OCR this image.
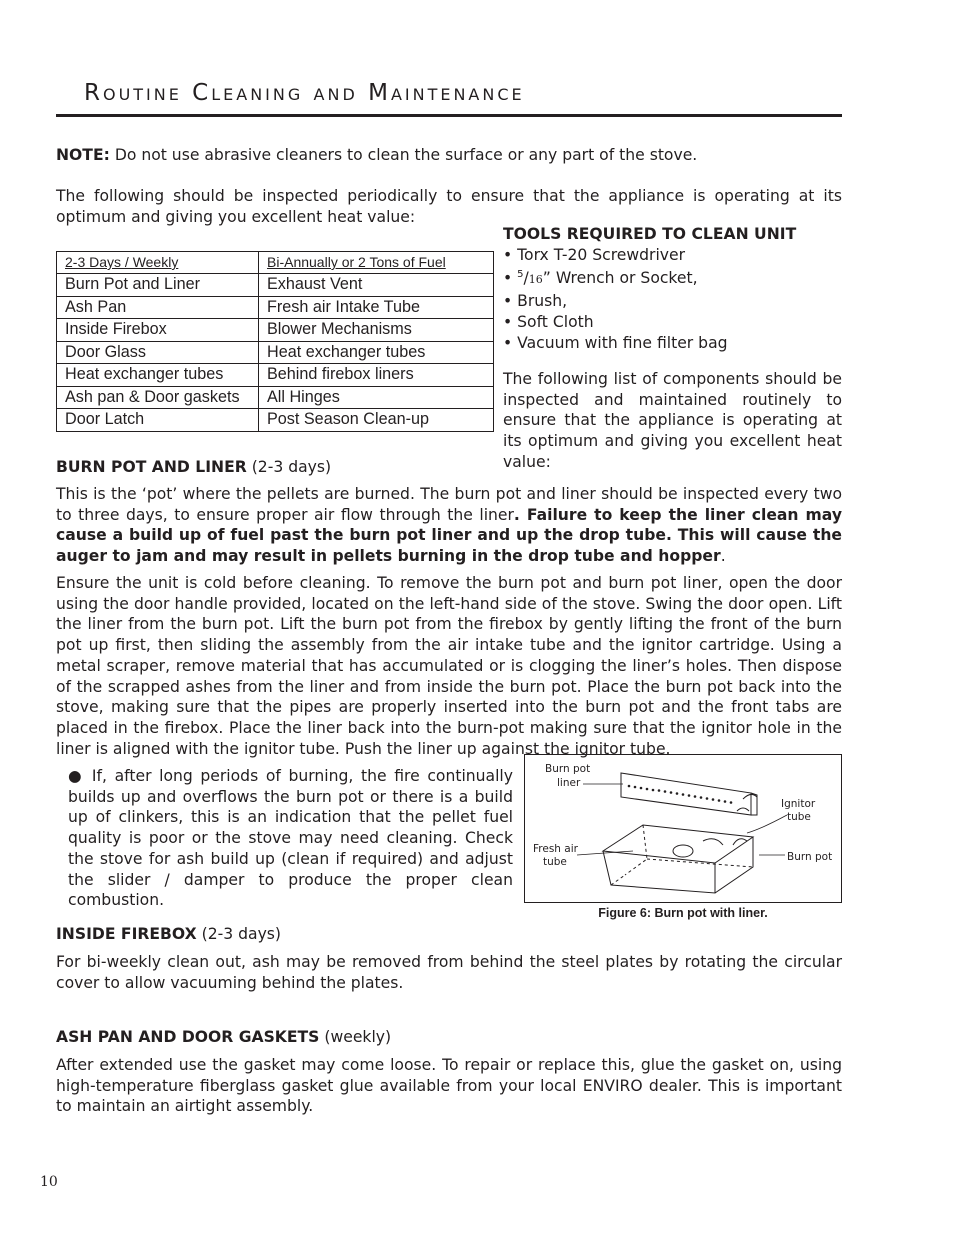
Routine Cleaning and Maintenance

NOTE: Do not use abrasive cleaners to clean the surface or any part of the stove.

The following should be inspected periodically to ensure that the appliance is operating at its optimum and giving you excellent heat value:

2-3 Days / Weekly	Bi-Annually or 2 Tons of Fuel
Burn Pot and Liner	Exhaust Vent
Ash Pan	Fresh air Intake Tube
Inside Firebox	Blower Mechanisms
Door Glass	Heat exchanger tubes
Heat exchanger tubes	Behind firebox liners
Ash pan & Door gaskets	All Hinges
Door Latch	Post Season Clean-up
TOOLS REQUIRED TO CLEAN UNIT
• Torx T-20 Screwdriver
• $^5$/16” Wrench or Socket,
• Brush,
• Soft Cloth
• Vacuum with fine filter bag

The following list of components should be inspected and maintained routinely to ensure that the appliance is operating at its optimum and giving you excellent heat value:

BURN POT AND LINER (2-3 days)

This is the ‘pot’ where the pellets are burned. The burn pot and liner should be inspected every two to three days, to ensure proper air flow through the liner. Failure to keep the liner clean may cause a build up of fuel past the burn pot liner and up the drop tube. This will cause the auger to jam and may result in pellets burning in the drop tube and hopper.

Ensure the unit is cold before cleaning. To remove the burn pot and burn pot liner, open the door using the door handle provided, located on the left-hand side of the stove. Swing the door open. Lift the liner from the burn pot. Lift the burn pot from the firebox by gently lifting the front of the burn pot up first, then sliding the assembly from the air intake tube and the ignitor cartridge. Using a metal scraper, remove material that has accumulated or is clogging the liner’s holes. Then dispose of the scrapped ashes from the liner and from inside the burn pot. Place the burn pot back into the stove, making sure that the pipes are properly inserted into the burn pot and the front tabs are placed in the firebox. Place the liner back into the burn-pot making sure that the ignitor hole in the liner is aligned with the ignitor tube. Push the liner up against the ignitor tube.

● If, after long periods of burning, the fire continually builds up and overflows the burn pot or there is a build up of clinkers, this is an indication that the pellet fuel quality is poor or the stove may need cleaning. Check the stove for ash build up (clean if required) and adjust the slider / damper to produce the proper clean combustion.

Burn pot
liner
Ignitor
tube
Fresh air
tube	Burn pot
Figure 6: Burn pot with liner.

INSIDE FIREBOX (2-3 days)

For bi-weekly clean out, ash may be removed from behind the steel plates by rotating the circular cover to allow vacuuming behind the plates.

ASH PAN AND DOOR GASKETS (weekly)

After extended use the gasket may come loose. To repair or replace this, glue the gasket on, using high-temperature fiberglass gasket glue available from your local ENVIRO dealer. This is important to maintain an airtight assembly.

10
